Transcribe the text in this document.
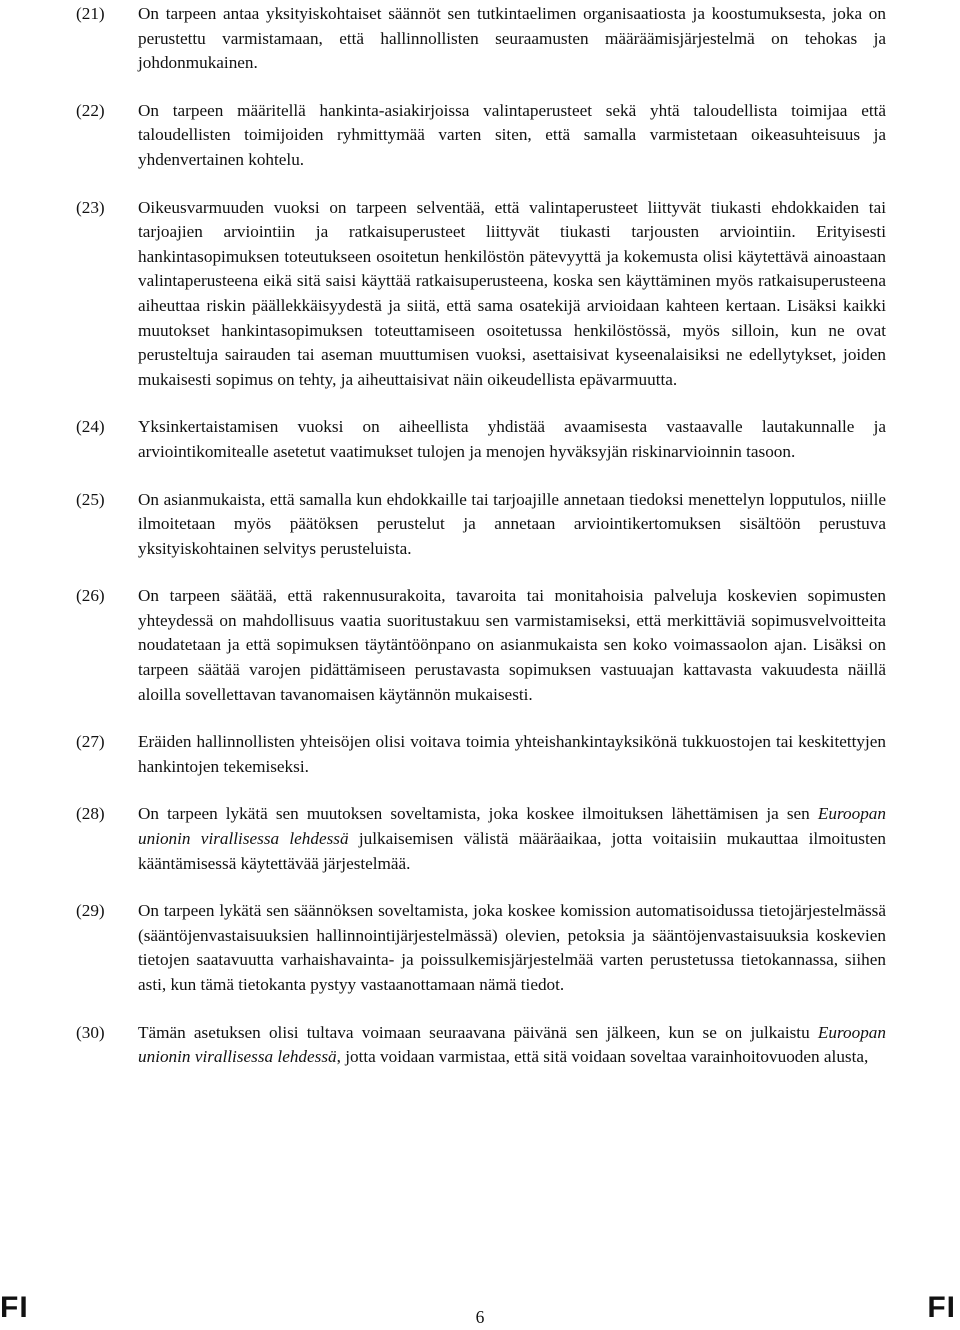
(21)	On tarpeen antaa yksityiskohtaiset säännöt sen tutkintaelimen organisaatiosta ja koostumuksesta, joka on perustettu varmistamaan, että hallinnollisten seuraamusten määräämisjärjestelmä on tehokas ja johdonmukainen.
(22)	On tarpeen määritellä hankinta-asiakirjoissa valintaperusteet sekä yhtä taloudellista toimijaa että taloudellisten toimijoiden ryhmittymää varten siten, että samalla varmistetaan oikeasuhteisuus ja yhdenvertainen kohtelu.
(23)	Oikeusvarmuuden vuoksi on tarpeen selventää, että valintaperusteet liittyvät tiukasti ehdokkaiden tai tarjoajien arviointiin ja ratkaisuperusteet liittyvät tiukasti tarjousten arviointiin. Erityisesti hankintasopimuksen toteutukseen osoitetun henkilöstön pätevyyttä ja kokemusta olisi käytettävä ainoastaan valintaperusteena eikä sitä saisi käyttää ratkaisuperusteena, koska sen käyttäminen myös ratkaisuperusteena aiheuttaa riskin päällekkäisyydestä ja siitä, että sama osatekijä arvioidaan kahteen kertaan. Lisäksi kaikki muutokset hankintasopimuksen toteuttamiseen osoitetussa henkilöstössä, myös silloin, kun ne ovat perusteltuja sairauden tai aseman muuttumisen vuoksi, asettaisivat kyseenalaisiksi ne edellytykset, joiden mukaisesti sopimus on tehty, ja aiheuttaisivat näin oikeudellista epävarmuutta.
(24)	Yksinkertaistamisen vuoksi on aiheellista yhdistää avaamisesta vastaavalle lautakunnalle ja arviointikomitealle asetetut vaatimukset tulojen ja menojen hyväksyjän riskinarvioinnin tasoon.
(25)	On asianmukaista, että samalla kun ehdokkaille tai tarjoajille annetaan tiedoksi menettelyn lopputulos, niille ilmoitetaan myös päätöksen perustelut ja annetaan arviointikertomuksen sisältöön perustuva yksityiskohtainen selvitys perusteluista.
(26)	On tarpeen säätää, että rakennusurakoita, tavaroita tai monitahoisia palveluja koskevien sopimusten yhteydessä on mahdollisuus vaatia suoritustakuu sen varmistamiseksi, että merkittäviä sopimusvelvoitteita noudatetaan ja että sopimuksen täytäntöönpano on asianmukaista sen koko voimassaolon ajan. Lisäksi on tarpeen säätää varojen pidättämiseen perustavasta sopimuksen vastuuajan kattavasta vakuudesta näillä aloilla sovellettavan tavanomaisen käytännön mukaisesti.
(27)	Eräiden hallinnollisten yhteisöjen olisi voitava toimia yhteishankintayksikönä tukkuostojen tai keskitettyjen hankintojen tekemiseksi.
(28)	On tarpeen lykätä sen muutoksen soveltamista, joka koskee ilmoituksen lähettämisen ja sen Euroopan unionin virallisessa lehdessä julkaisemisen välistä määräaikaa, jotta voitaisiin mukauttaa ilmoitusten kääntämisessä käytettävää järjestelmää.
(29)	On tarpeen lykätä sen säännöksen soveltamista, joka koskee komission automatisoidussa tietojärjestelmässä (sääntöjenvastaisuuksien hallinnointijärjestelmässä) olevien, petoksia ja sääntöjenvastaisuuksia koskevien tietojen saatavuutta varhaishavainta- ja poissulkemisjärjestelmää varten perustetussa tietokannassa, siihen asti, kun tämä tietokanta pystyy vastaanottamaan nämä tiedot.
(30)	Tämän asetuksen olisi tultava voimaan seuraavana päivänä sen jälkeen, kun se on julkaistu Euroopan unionin virallisessa lehdessä, jotta voidaan varmistaa, että sitä voidaan soveltaa varainhoitovuoden alusta,
FI	6	FI
